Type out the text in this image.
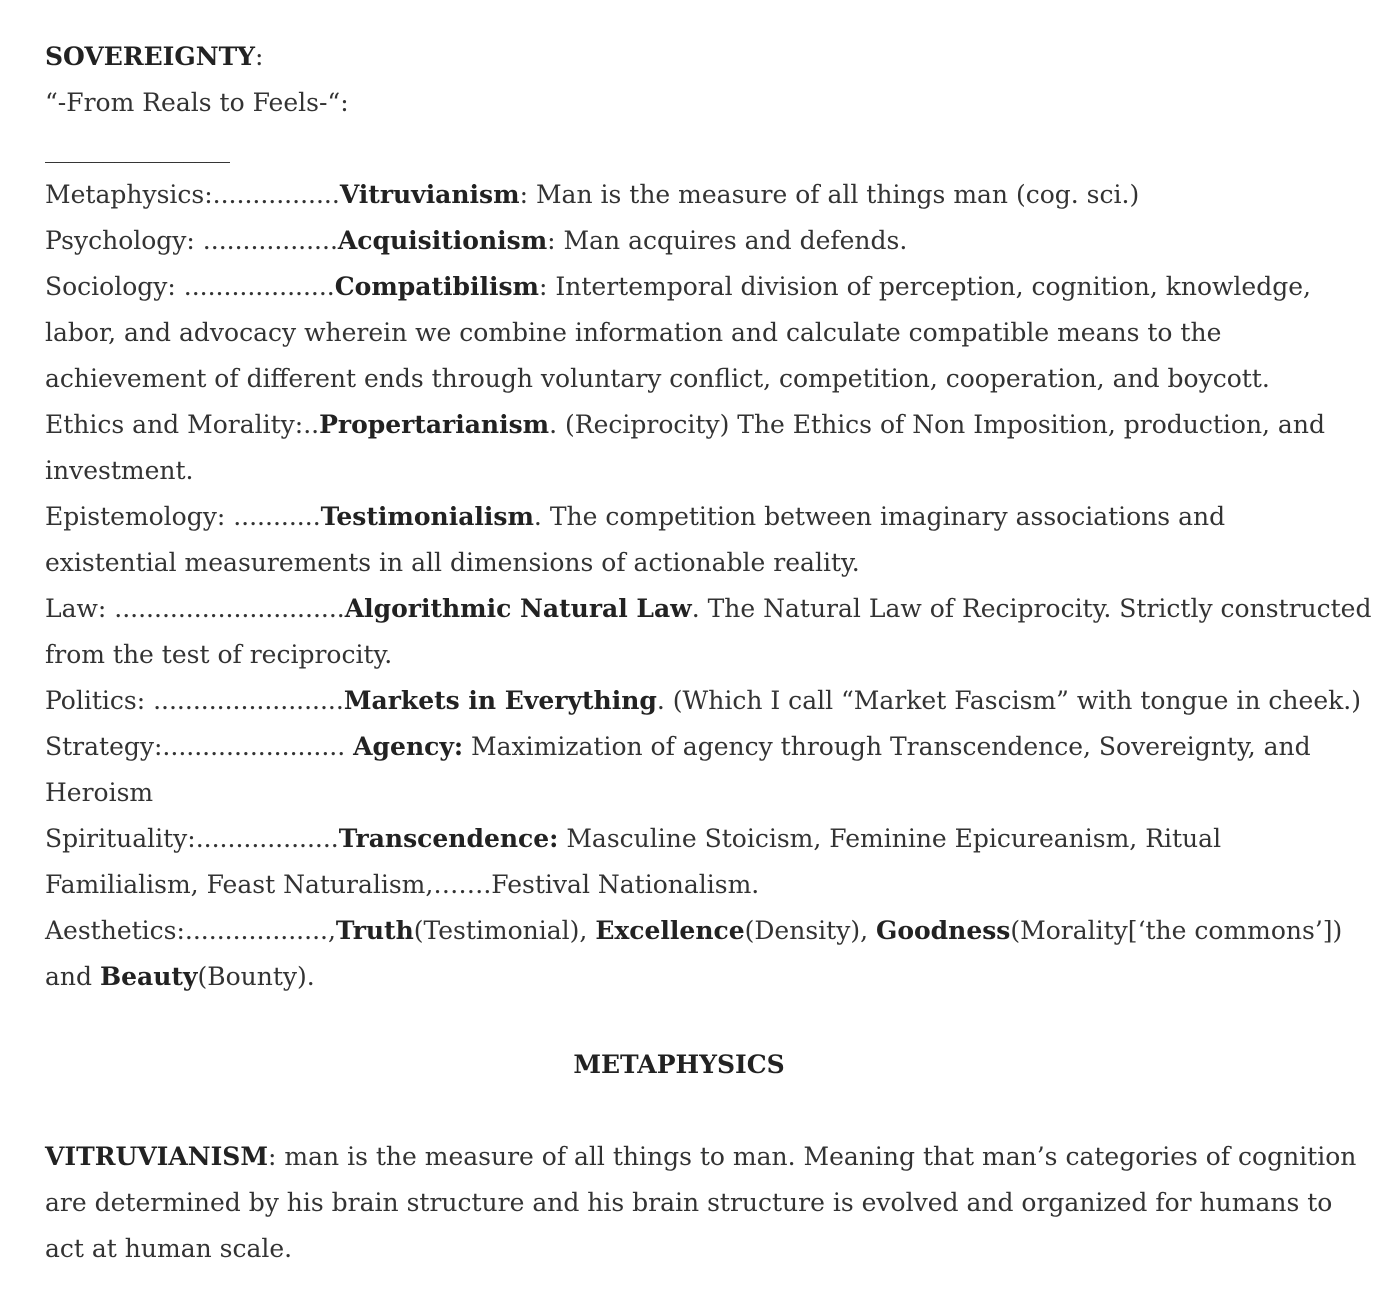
SOVEREIGNTY:
“-From Reals to Feels-“:
________________
Metaphysics:................Vitruvianism: Man is the measure of all things man (cog. sci.)
Psychology: .................Acquisitionism: Man acquires and defends.
Sociology: ...................Compatibilism: Intertemporal division of perception, cognition, knowledge,
labor, and advocacy wherein we combine information and calculate compatible means to the
achievement of different ends through voluntary conflict, competition, cooperation, and boycott.
Ethics and Morality:..Propertarianism. (Reciprocity) The Ethics of Non Imposition, production, and
investment.
Epistemology: ...........Testimonialism. The competition between imaginary associations and
existential measurements in all dimensions of actionable reality.
Law: .............................Algorithmic Natural Law. The Natural Law of Reciprocity. Strictly constructed
from the test of reciprocity.
Politics: ........................Markets in Everything. (Which I call “Market Fascism” with tongue in cheek.)
Strategy:....................... Agency: Maximization of agency through Transcendence, Sovereignty, and
Heroism
Spirituality:..................Transcendence: Masculine Stoicism, Feminine Epicureanism, Ritual
Familialism, Feast Naturalism,…….Festival Nationalism.
Aesthetics:..................,Truth(Testimonial), Excellence(Density), Goodness(Morality[‘the commons’])
and Beauty(Bounty).
METAPHYSICS
VITRUVIANISM: man is the measure of all things to man. Meaning that man’s categories of cognition
are determined by his brain structure and his brain structure is evolved and organized for humans to
act at human scale.
